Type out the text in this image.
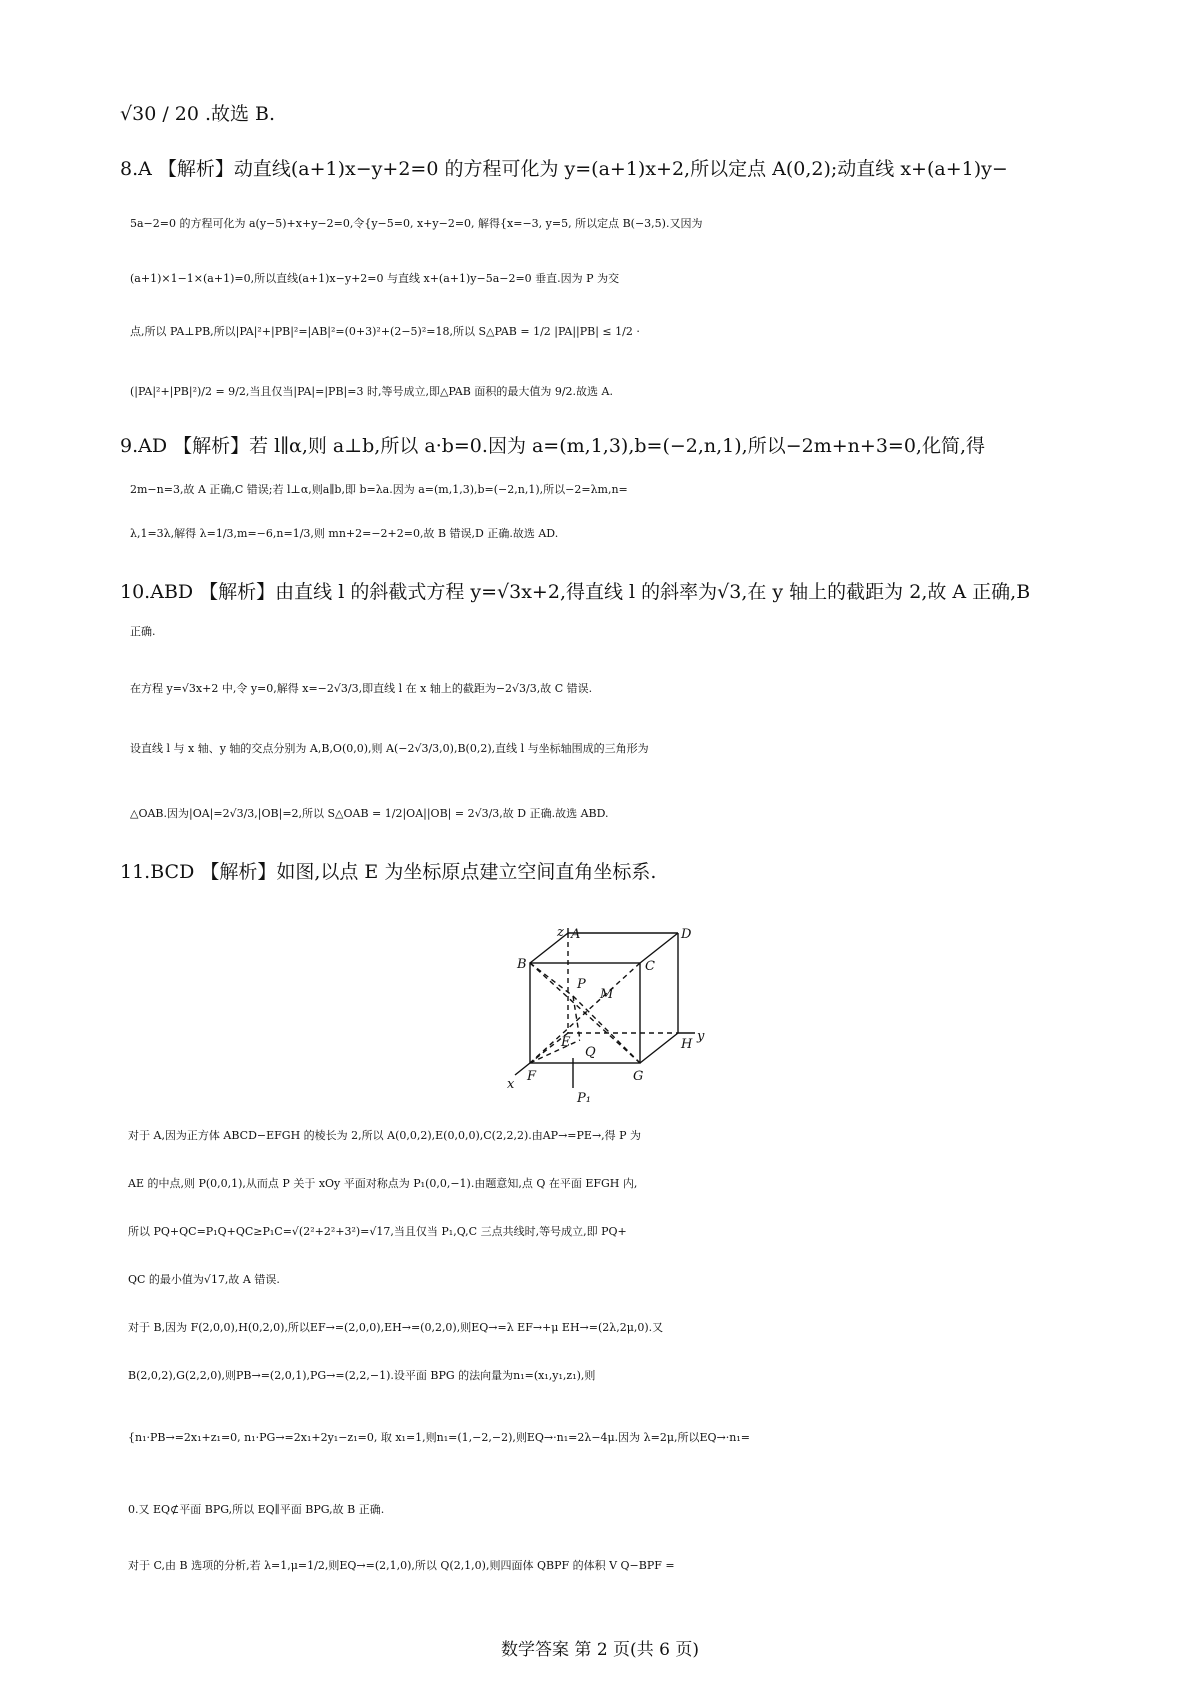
√30 / 20 .故选 B.
8.A 【解析】动直线(a+1)x−y+2=0 的方程可化为 y=(a+1)x+2,所以定点 A(0,2);动直线 x+(a+1)y−
5a−2=0 的方程可化为 a(y−5)+x+y−2=0,令{y−5=0, x+y−2=0, 解得{x=−3, y=5, 所以定点 B(−3,5).又因为
(a+1)×1−1×(a+1)=0,所以直线(a+1)x−y+2=0 与直线 x+(a+1)y−5a−2=0 垂直.因为 P 为交
点,所以 PA⊥PB,所以|PA|²+|PB|²=|AB|²=(0+3)²+(2−5)²=18,所以 S△PAB = 1/2 |PA||PB| ≤ 1/2 ·
(|PA|²+|PB|²)/2 = 9/2,当且仅当|PA|=|PB|=3 时,等号成立,即△PAB 面积的最大值为 9/2.故选 A.
9.AD 【解析】若 l∥α,则 a⊥b,所以 a·b=0.因为 a=(m,1,3),b=(−2,n,1),所以−2m+n+3=0,化简,得
2m−n=3,故 A 正确,C 错误;若 l⊥α,则a∥b,即 b=λa.因为 a=(m,1,3),b=(−2,n,1),所以−2=λm,n=
λ,1=3λ,解得 λ=1/3,m=−6,n=1/3,则 mn+2=−2+2=0,故 B 错误,D 正确.故选 AD.
10.ABD 【解析】由直线 l 的斜截式方程 y=√3x+2,得直线 l 的斜率为√3,在 y 轴上的截距为 2,故 A 正确,B
正确.
在方程 y=√3x+2 中,令 y=0,解得 x=−2√3/3,即直线 l 在 x 轴上的截距为−2√3/3,故 C 错误.
设直线 l 与 x 轴、y 轴的交点分别为 A,B,O(0,0),则 A(−2√3/3,0),B(0,2),直线 l 与坐标轴围成的三角形为
△OAB.因为|OA|=2√3/3,|OB|=2,所以 S△OAB = 1/2|OA||OB| = 2√3/3,故 D 正确.故选 ABD.
11.BCD 【解析】如图,以点 E 为坐标原点建立空间直角坐标系.
z A	D
B	C
P
M
E	H
y
Q
F	G
x
P₁
对于 A,因为正方体 ABCD−EFGH 的棱长为 2,所以 A(0,0,2),E(0,0,0),C(2,2,2).由AP→=PE→,得 P 为
AE 的中点,则 P(0,0,1),从而点 P 关于 xOy 平面对称点为 P₁(0,0,−1).由题意知,点 Q 在平面 EFGH 内,
所以 PQ+QC=P₁Q+QC≥P₁C=√(2²+2²+3²)=√17,当且仅当 P₁,Q,C 三点共线时,等号成立,即 PQ+
QC 的最小值为√17,故 A 错误.
对于 B,因为 F(2,0,0),H(0,2,0),所以EF→=(2,0,0),EH→=(0,2,0),则EQ→=λ EF→+μ EH→=(2λ,2μ,0).又
B(2,0,2),G(2,2,0),则PB→=(2,0,1),PG→=(2,2,−1).设平面 BPG 的法向量为n₁=(x₁,y₁,z₁),则
{n₁·PB→=2x₁+z₁=0, n₁·PG→=2x₁+2y₁−z₁=0, 取 x₁=1,则n₁=(1,−2,−2),则EQ→·n₁=2λ−4μ.因为 λ=2μ,所以EQ→·n₁=
0.又 EQ⊄平面 BPG,所以 EQ∥平面 BPG,故 B 正确.
对于 C,由 B 选项的分析,若 λ=1,μ=1/2,则EQ→=(2,1,0),所以 Q(2,1,0),则四面体 QBPF 的体积 V Q−BPF =
数学答案 第 2 页(共 6 页)
